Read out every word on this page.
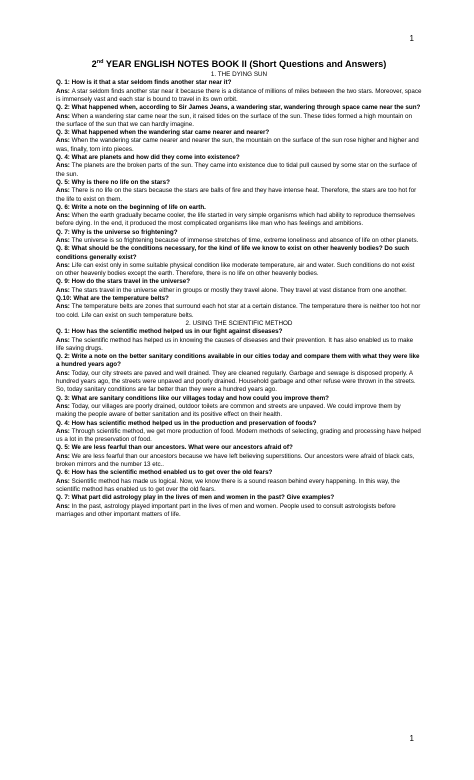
1
2nd YEAR ENGLISH NOTES BOOK II (Short Questions and Answers)
1. THE DYING SUN
Q. 1: How is it that a star seldom finds another star near it?
Ans: A star seldom finds another star near it because there is a distance of millions of miles between the two stars. Moreover, space is immensely vast and each star is bound to travel in its own orbit.
Q. 2: What happened when, according to Sir James Jeans, a wandering star, wandering through space came near the sun?
Ans: When a wandering star came near the sun, it raised tides on the surface of the sun. These tides formed a high mountain on the surface of the sun that we can hardly imagine.
Q. 3: What happened when the wandering star came nearer and nearer?
Ans: When the wandering star came nearer and nearer the sun, the mountain on the surface of the sun rose higher and higher and was, finally, torn into pieces.
Q. 4: What are planets and how did they come into existence?
Ans: The planets are the broken parts of the sun. They came into existence due to tidal pull caused by some star on the surface of the sun.
Q. 5: Why is there no life on the stars?
Ans: There is no life on the stars because the stars are balls of fire and they have intense heat. Therefore, the stars are too hot for the life to exist on them.
Q. 6: Write a note on the beginning of life on earth.
Ans: When the earth gradually became cooler, the life started in very simple organisms which had ability to reproduce themselves before dying. In the end, it produced the most complicated organisms like man who has feelings and ambitions.
Q. 7: Why is the universe so frightening?
Ans: The universe is so frightening because of immense stretches of time, extreme loneliness and absence of life on other planets.
Q. 8: What should be the conditions necessary, for the kind of life we know to exist on other heavenly bodies? Do such conditions generally exist?
Ans: Life can exist only in some suitable physical condition like moderate temperature, air and water. Such conditions do not exist on other heavenly bodies except the earth. Therefore, there is no life on other heavenly bodies.
Q. 9: How do the stars travel in the universe?
Ans: The stars travel in the universe either in groups or mostly they travel alone. They travel at vast distance from one another.
Q.10: What are the temperature belts?
Ans: The temperature belts are zones that surround each hot star at a certain distance. The temperature there is neither too hot nor too cold. Life can exist on such temperature belts.
2. USING THE SCIENTIFIC METHOD
Q. 1: How has the scientific method helped us in our fight against diseases?
Ans: The scientific method has helped us in knowing the causes of diseases and their prevention. It has also enabled us to make life saving drugs.
Q. 2: Write a note on the better sanitary conditions available in our cities today and compare them with what they were like a hundred years ago?
Ans: Today, our city streets are paved and well drained. They are cleaned regularly. Garbage and sewage is disposed properly. A hundred years ago, the streets were unpaved and poorly drained. Household garbage and other refuse were thrown in the streets. So, today sanitary conditions are far better than they were a hundred years ago.
Q. 3: What are sanitary conditions like our villages today and how could you improve them?
Ans: Today, our villages are poorly drained, outdoor toilets are common and streets are unpaved. We could improve them by making the people aware of better sanitation and its positive effect on their health.
Q. 4: How has scientific method helped us in the production and preservation of foods?
Ans: Through scientific method, we get more production of food. Modern methods of selecting, grading and processing have helped us a lot in the preservation of food.
Q. 5: We are less fearful than our ancestors. What were our ancestors afraid of?
Ans: We are less fearful than our ancestors because we have left believing superstitions. Our ancestors were afraid of black cats, broken mirrors and the number 13 etc..
Q. 6: How has the scientific method enabled us to get over the old fears?
Ans: Scientific method has made us logical. Now, we know there is a sound reason behind every happening. In this way, the scientific method has enabled us to get over the old fears.
Q. 7: What part did astrology play in the lives of men and women in the past? Give examples?
Ans: In the past, astrology played important part in the lives of men and women. People used to consult astrologists before marriages and other important matters of life.
1
